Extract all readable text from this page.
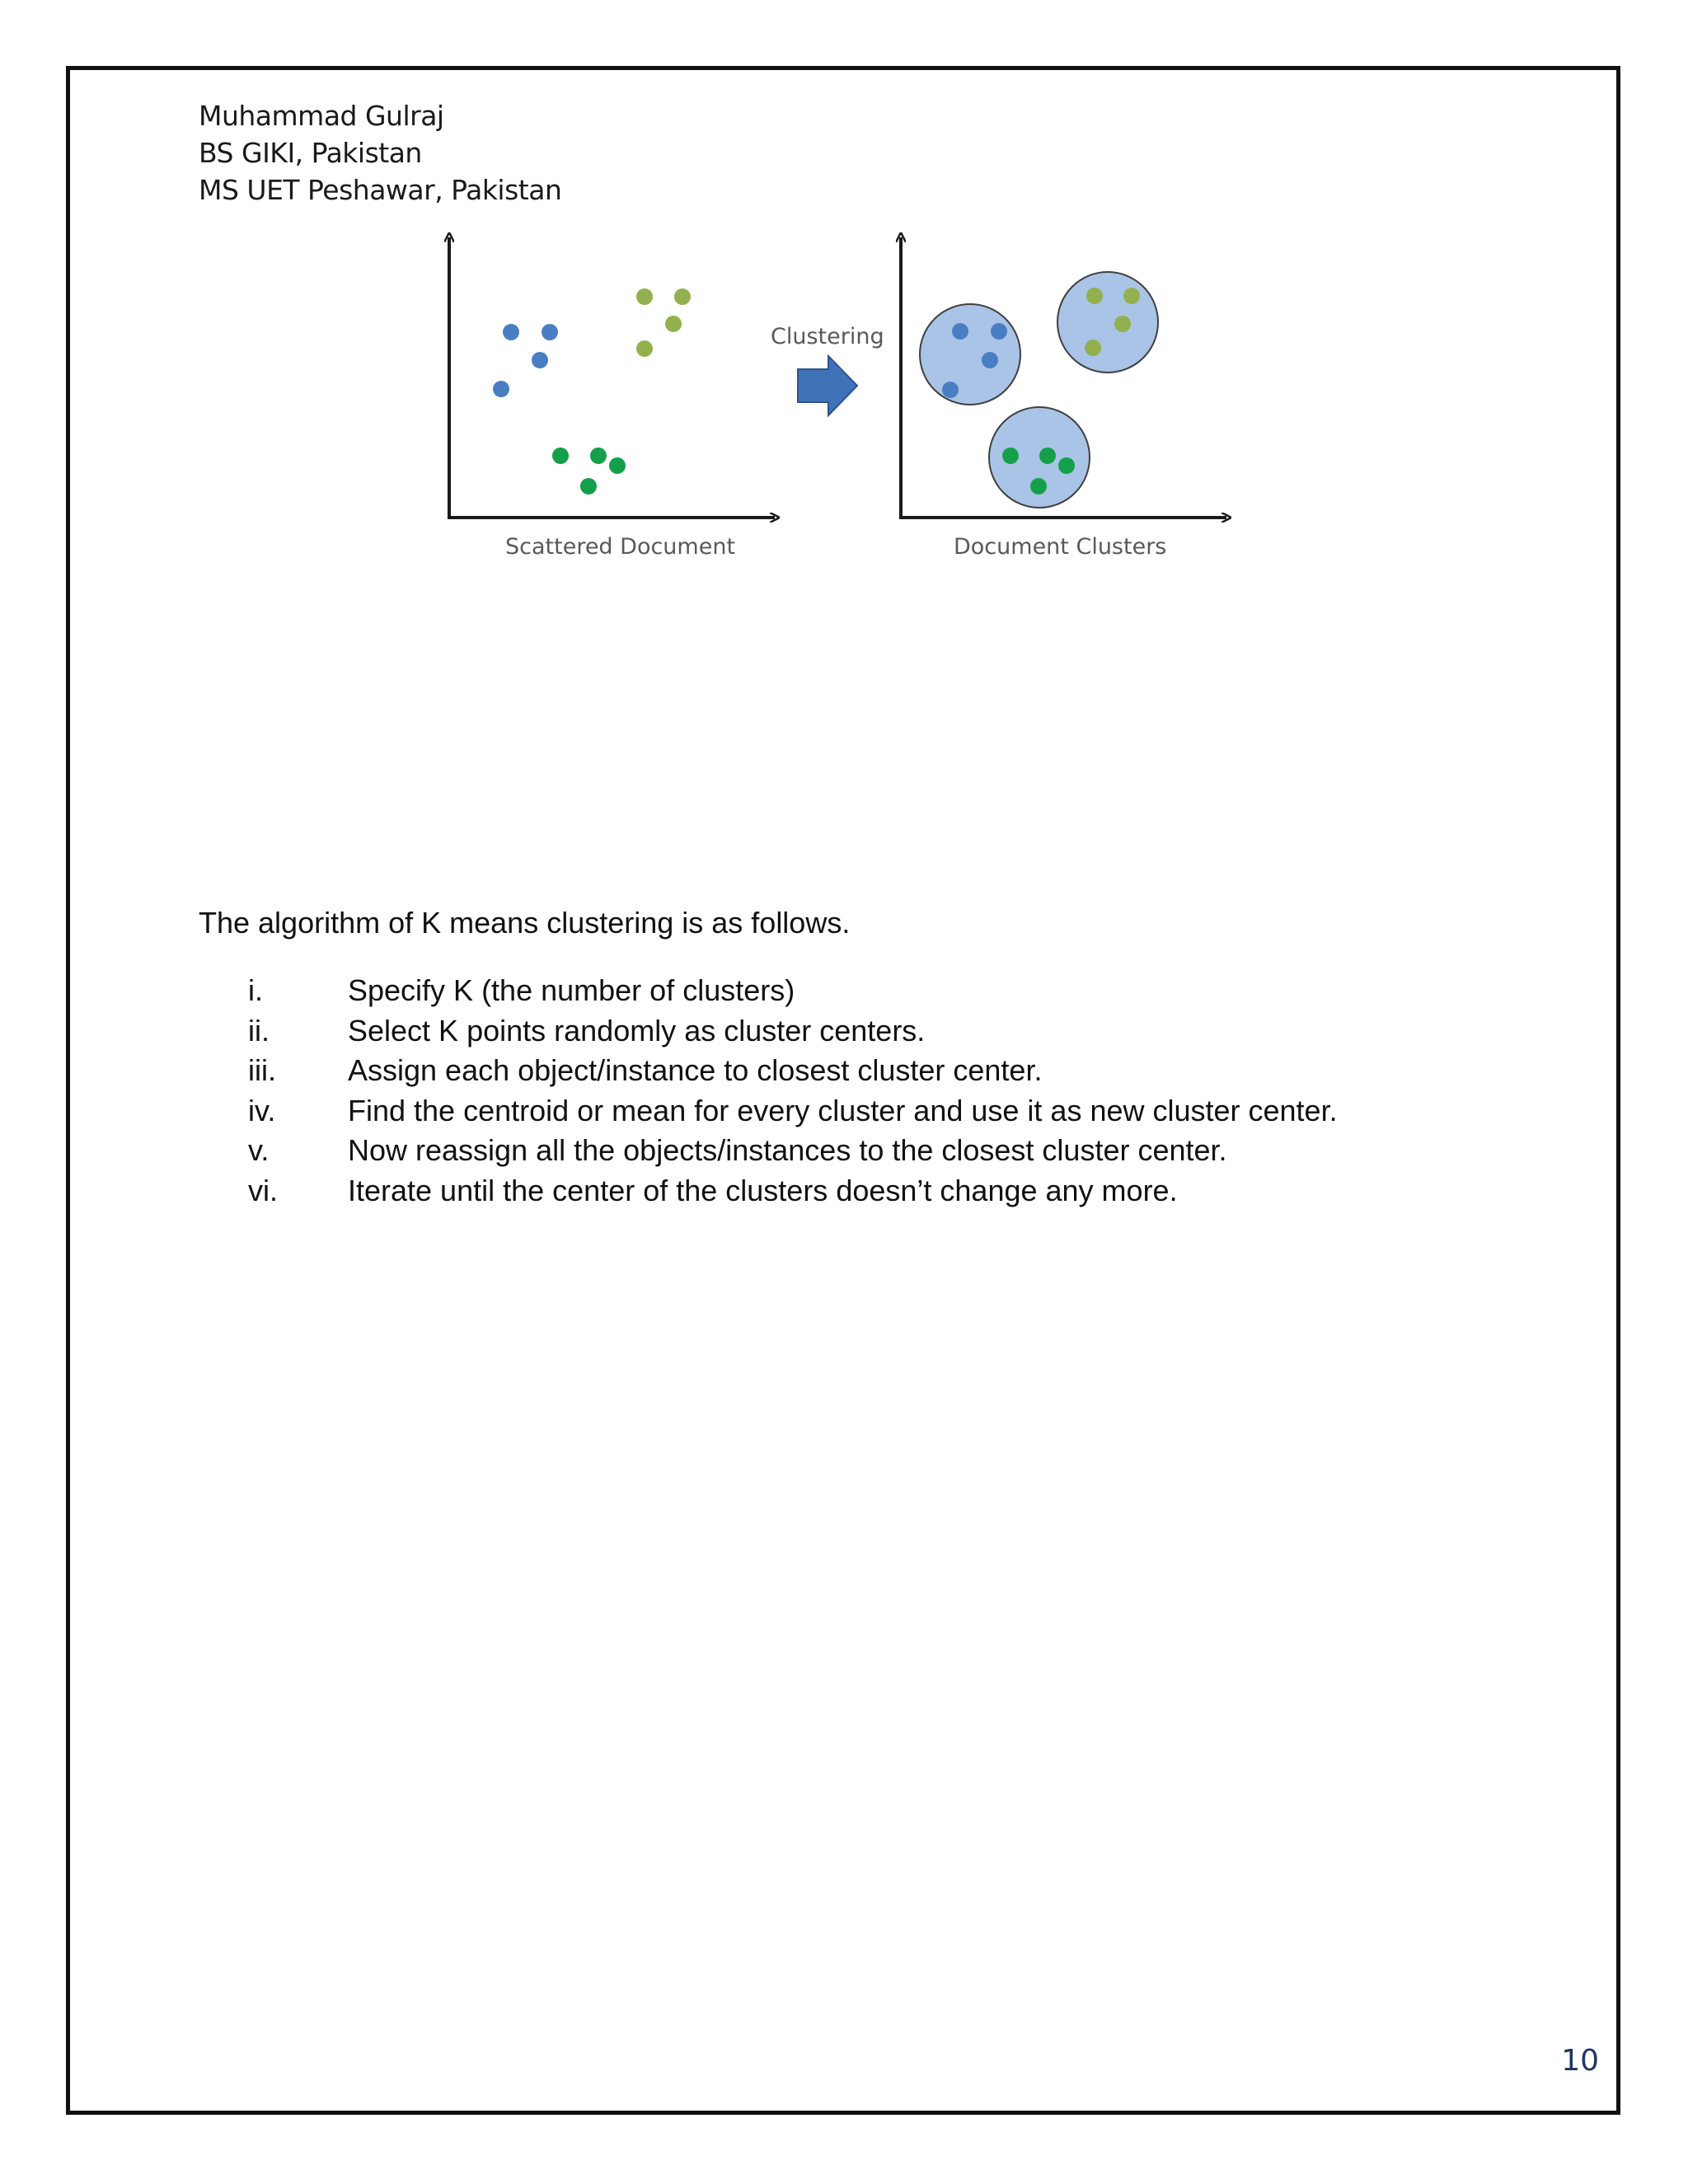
Muhammad Gulraj
BS GIKI, Pakistan
MS UET Peshawar, Pakistan
Scattered Document
Clustering
Document Clusters
The algorithm of K means clustering is as follows.
i.	Specify K (the number of clusters)
ii.	Select K points randomly as cluster centers.
iii. Assign each object/instance to closest cluster center.
iv. Find the centroid or mean for every cluster and use it as new cluster center.
v.	Now reassign all the objects/instances to the closest cluster center.
vi. Iterate until the center of the clusters doesn’t change any more.
10
